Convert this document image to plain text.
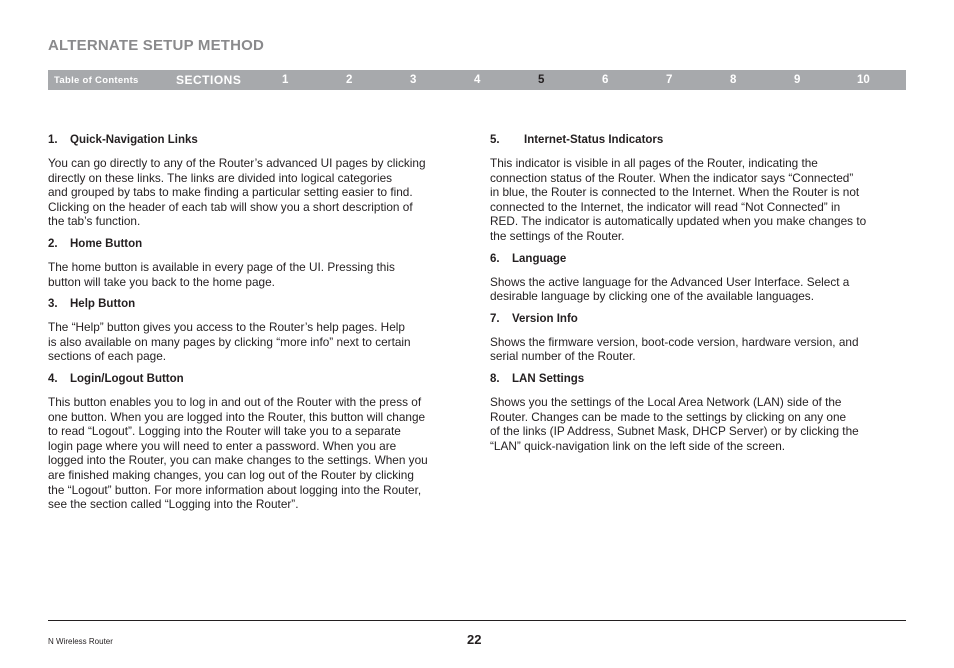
ALTERNATE SETUP METHOD
Table of Contents	SECTIONS	1	2	3	4	5	6	7	8	9	10
1. Quick-Navigation Links
You can go directly to any of the Router’s advanced UI pages by clicking
directly on these links. The links are divided into logical categories
and grouped by tabs to make finding a particular setting easier to find.
Clicking on the header of each tab will show you a short description of
the tab’s function.
2. Home Button
The home button is available in every page of the UI. Pressing this
button will take you back to the home page.
3. Help Button
The “Help” button gives you access to the Router’s help pages. Help
is also available on many pages by clicking “more info” next to certain
sections of each page.
4. Login/Logout Button
This button enables you to log in and out of the Router with the press of
one button. When you are logged into the Router, this button will change
to read “Logout”. Logging into the Router will take you to a separate
login page where you will need to enter a password. When you are
logged into the Router, you can make changes to the settings. When you
are finished making changes, you can log out of the Router by clicking
the “Logout” button. For more information about logging into the Router,
see the section called “Logging into the Router”.
5. Internet-Status Indicators
This indicator is visible in all pages of the Router, indicating the
connection status of the Router. When the indicator says “Connected”
in blue, the Router is connected to the Internet. When the Router is not
connected to the Internet, the indicator will read “Not Connected” in
RED. The indicator is automatically updated when you make changes to
the settings of the Router.
6. Language
Shows the active language for the Advanced User Interface. Select a
desirable language by clicking one of the available languages.
7. Version Info
Shows the firmware version, boot-code version, hardware version, and
serial number of the Router.
8. LAN Settings
Shows you the settings of the Local Area Network (LAN) side of the
Router. Changes can be made to the settings by clicking on any one
of the links (IP Address, Subnet Mask, DHCP Server) or by clicking the
“LAN” quick-navigation link on the left side of the screen.
N Wireless Router	22
